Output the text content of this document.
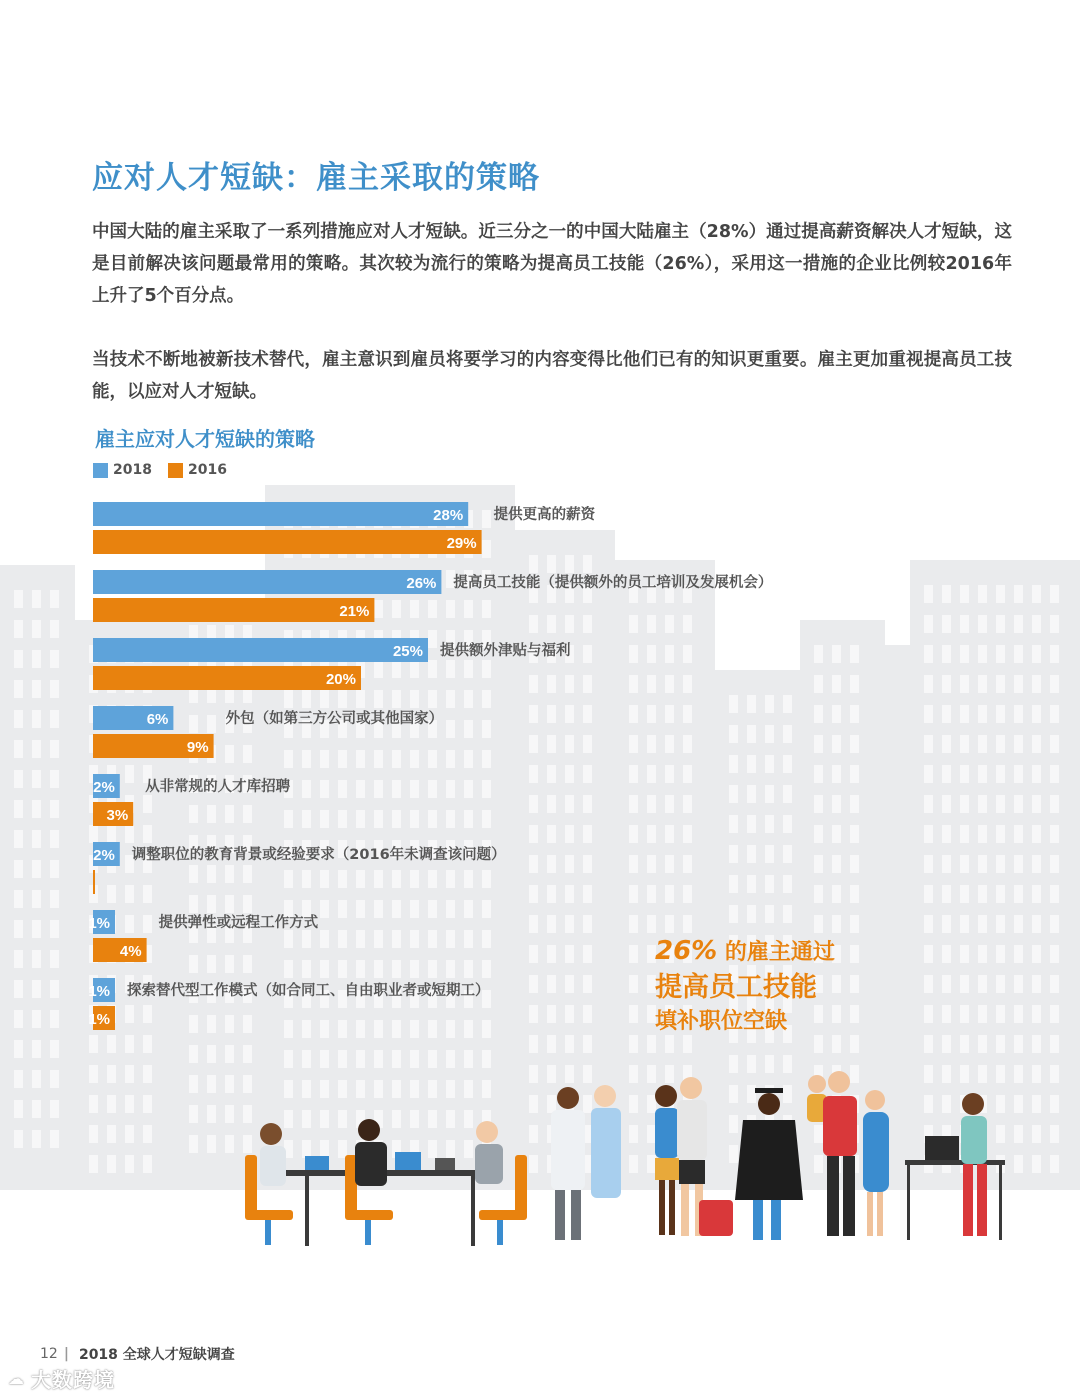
应对人才短缺：雇主采取的策略

中国大陆的雇主采取了一系列措施应对人才短缺。近三分之一的中国大陆雇主（28%）通过提高薪资解决人才短缺，这是目前解决该问题最常用的策略。其次较为流行的策略为提高员工技能（26%），采用这一措施的企业比例较2016年上升了5个百分点。

当技术不断地被新技术替代，雇主意识到雇员将要学习的内容变得比他们已有的知识更重要。雇主更加重视提高员工技能，以应对人才短缺。

雇主应对人才短缺的策略
2018	2016
28%
29%
提供更高的薪资
26%
21%
提高员工技能（提供额外的员工培训及发展机会）
25%
20%
提供额外津贴与福利
6%
9%
外包（如第三方公司或其他国家）
2%
3%
从非常规的人才库招聘
2% 调整职位的教育背景或经验要求（2016年未调查该问题）
1%
4%
提供弹性或远程工作方式
1%
1%
探索替代型工作模式（如合同工、自由职业者或短期工）
26% 的雇主通过
提高员工技能
填补职位空缺
12 | 2018 全球人才短缺调查
☁ 大数跨境
